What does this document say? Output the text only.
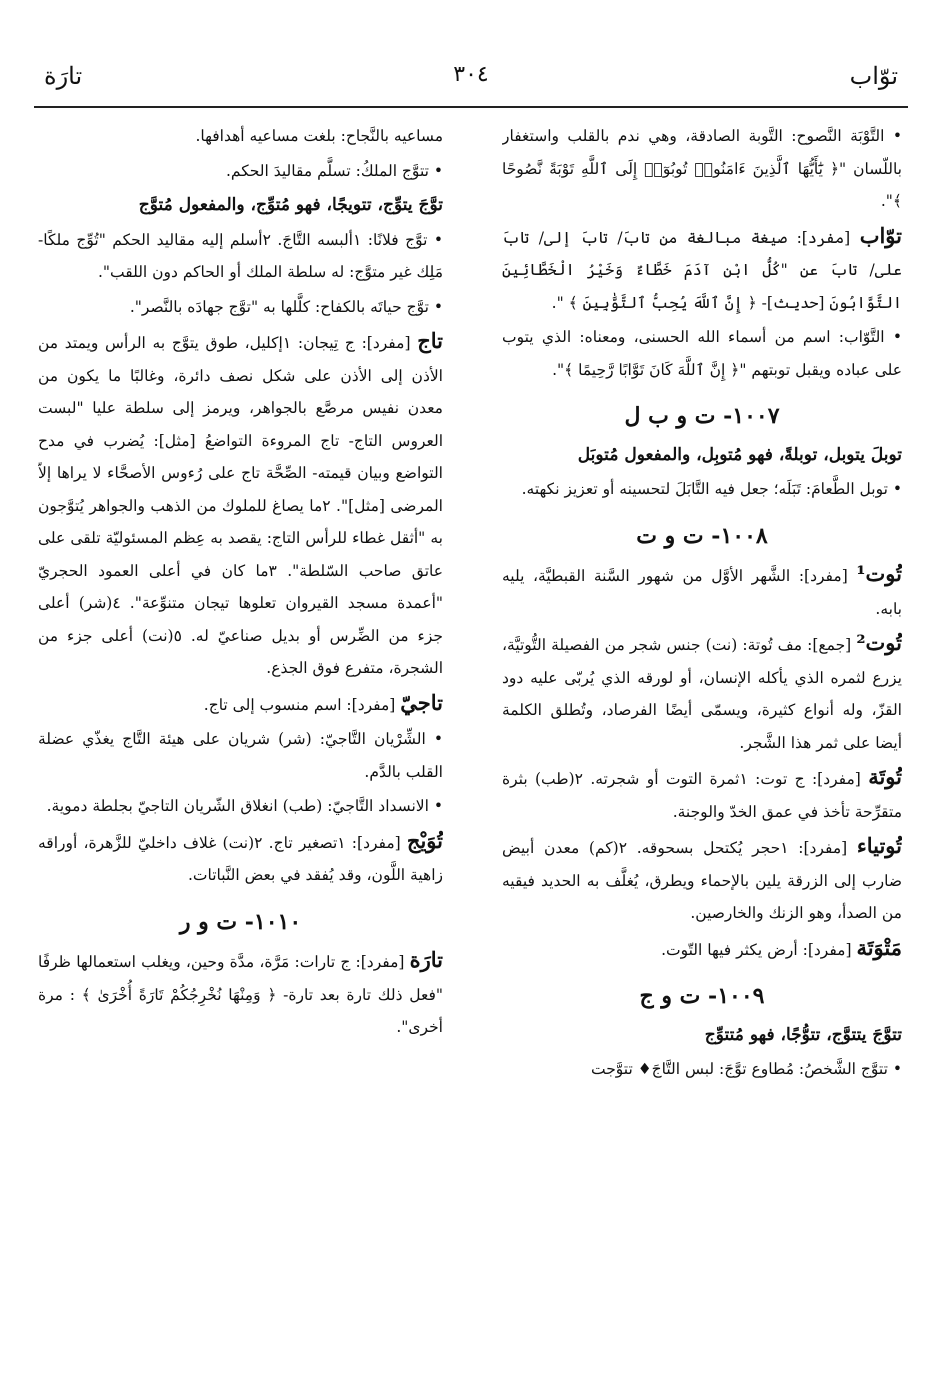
توّاب
٣٠٤
تارَة

• التَّوْبَة النَّصوح: التَّوبة الصادقة، وهي ندم بالقلب واستغفار باللّسان "﴿ يَٰٓأَيُّهَا ٱلَّذِينَ ءَامَنُوا۟ تُوبُوٓا۟ إِلَى ٱللَّهِ تَوْبَةً نَّصُوحًا ﴾".

توّاب [مفرد]: صيغة مبالغة من تابَ/ تابَ إلى/ تابَ على/ تابَ عن "كُلُّ ابْنِ آدَمَ خَطَّاءٌ وَخَيْرُ الْخَطَّائِينَ التَّوَّابُونَ [حديث]- ﴿ إِنَّ ٱللَّهَ يُحِبُّ ٱلتَّوَّٰبِينَ ﴾ ".

• التَّوّاب: اسم من أسماء الله الحسنى، ومعناه: الذي يتوب على عباده ويقبل توبتهم "﴿ إِنَّ ٱللَّهَ كَانَ تَوَّابًا رَّحِيمًا ﴾".

١٠٠٧- ت و ب ل

توبلَ يتوبل، توبلةً، فهو مُتوبِل، والمفعول مُتوبَل

• توبل الطَّعامَ: تَبَلَه؛ جعل فيه التَّابَلَ لتحسينه أو تعزيز نكهته.

١٠٠٨- ت و ت

تُوت¹ [مفرد]: الشَّهر الأوَّل من شهور السَّنة القبطيَّة، يليه بابه.

تُوت² [جمع]: مف تُوتة: (نت) جنس شجر من الفصيلة التُّوتيَّة، يزرع لثمره الذي يأكله الإنسان، أو لورقه الذي يُربّى عليه دود القزّ، وله أنواع كثيرة، ويسمّى أيضًا الفرصاد، وتُطلق الكلمة أيضا على ثمر هذا الشَّجر.

تُوتَة [مفرد]: ج توت: ١ثمرة التوت أو شجرته. ٢(طب) بثرة متقرِّحة تأخذ في عمق الخدّ والوجنة.

تُوتياء [مفرد]: ١حجر يُكتحل بسحوقه. ٢(كم) معدن أبيض ضارب إلى الزرقة يلين بالإحماء ويطرق، يُغلَّف به الحديد فيقيه من الصدأ، وهو الزنك والخارصين.

مَتْوَتَة [مفرد]: أرض يكثر فيها التّوت.

١٠٠٩- ت و ج

تتوَّجَ يتتوَّج، تتوُّجًا، فهو مُتتوِّج

• تتوَّج الشَّخصُ: مُطاوع توَّجَ: لبس التَّاجَ♦ تتوَّجت

مساعيه بالنَّجاح: بلغت مساعيه أهدافها.

• تتوَّج الملكُ: تسلَّم مقاليدَ الحكم.

توَّجَ يتوِّج، تتويجًا، فهو مُتوِّج، والمفعول مُتوَّج

• توَّج فلانًا: ١ألبسه التَّاجَ. ٢أسلم إليه مقاليد الحكم "تُوِّج ملكًا- مَلِك غير متوَّج: له سلطة الملك أو الحاكم دون اللقب".

• توَّج حياتَه بالكفاح: كلَّلها به "توَّج جهادَه بالنَّصر".

تاج [مفرد]: ج تِيجان: ١إكليل، طوق يتوَّج به الرأس ويمتد من الأذن إلى الأذن على شكل نصف دائرة، وغالبًا ما يكون من معدن نفيس مرصَّع بالجواهر، ويرمز إلى سلطة عليا "لبست العروس التاج- تاج المروءة التواضعُ [مثل]: يُضرب في مدح التواضع وبيان قيمته- الصِّحَّة تاج على رُءوس الأصحَّاء لا يراها إلاّ المرضى [مثل]". ٢ما يصاغ للملوك من الذهب والجواهر يُتوَّجون به "أثقل غطاء للرأس التاج: يقصد به عِظم المسئوليّة تلقى على عاتق صاحب السّلطة". ٣ما كان في أعلى العمود الحجريّ "أعمدة مسجد القيروان تعلوها تيجان متنوِّعة". ٤(شر) أعلى جزء من الضِّرس أو بديل صناعيّ له. ٥(نت) أعلى جزء من الشجرة، متفرع فوق الجذع.

تاجيّ [مفرد]: اسم منسوب إلى تاج.

• الشِّرْيان التَّاجيّ: (شر) شريان على هيئة التَّاج يغذّي عضلة القلب بالدَّم.

• الانسداد التَّاجيّ: (طب) انغلاق الشّريان التاجيّ بجلطة دموية.

تُوَيْج [مفرد]: ١تصغير تاج. ٢(نت) غلاف داخليّ للزَّهرة، أوراقه زاهية اللَّون، وقد يُفقد في بعض النَّباتات.

١٠١٠- ت و ر

تارَة [مفرد]: ج تارات: مَرَّة، مدَّة وحين، ويغلب استعمالها ظرفًا "فعل ذلك تارة بعد تارة- ﴿ وَمِنْهَا نُخْرِجُكُمْ تَارَةً أُخْرَىٰ ﴾ : مرة أخرى".
